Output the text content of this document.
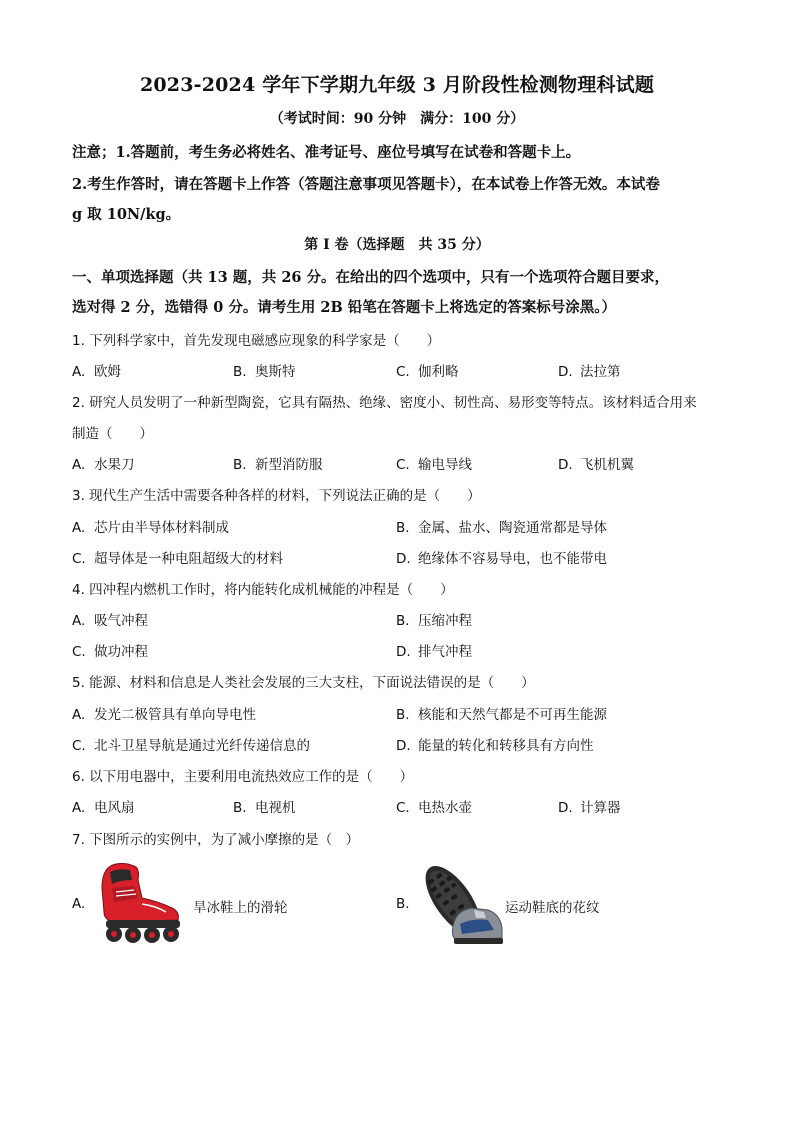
2023-2024 学年下学期九年级 3 月阶段性检测物理科试题
（考试时间：90 分钟　满分：100 分）
注意；1.答题前，考生务必将姓名、准考证号、座位号填写在试卷和答题卡上。
2.考生作答时，请在答题卡上作答（答题注意事项见答题卡），在本试卷上作答无效。本试卷
g 取 10N/kg。
第 I 卷（选择题　共 35 分）
一、单项选择题（共 13 题，共 26 分。在给出的四个选项中，只有一个选项符合题目要求，
选对得 2 分，选错得 0 分。请考生用 2B 铅笔在答题卡上将选定的答案标号涂黑。）
1. 下列科学家中，首先发现电磁感应现象的科学家是（　　）
A. 欧姆	B. 奥斯特	C. 伽利略	D. 法拉第
2. 研究人员发明了一种新型陶瓷，它具有隔热、绝缘、密度小、韧性高、易形变等特点。该材料适合用来
制造（　　）
A. 水果刀	B. 新型消防服	C. 输电导线	D. 飞机机翼
3. 现代生产生活中需要各种各样的材料，下列说法正确的是（　　）
A. 芯片由半导体材料制成	B. 金属、盐水、陶瓷通常都是导体
C. 超导体是一种电阻超级大的材料	D. 绝缘体不容易导电，也不能带电
4. 四冲程内燃机工作时，将内能转化成机械能的冲程是（　　）
A. 吸气冲程	B. 压缩冲程
C. 做功冲程	D. 排气冲程
5. 能源、材料和信息是人类社会发展的三大支柱，下面说法错误的是（　　）
A. 发光二极管具有单向导电性	B. 核能和天然气都是不可再生能源
C. 北斗卫星导航是通过光纤传递信息的	D. 能量的转化和转移具有方向性
6. 以下用电器中，主要利用电流热效应工作的是（　　）
A. 电风扇	B. 电视机	C. 电热水壶	D. 计算器
7. 下图所示的实例中，为了减小摩擦的是（　）
A.	旱冰鞋上的滑轮	B.	运动鞋底的花纹
